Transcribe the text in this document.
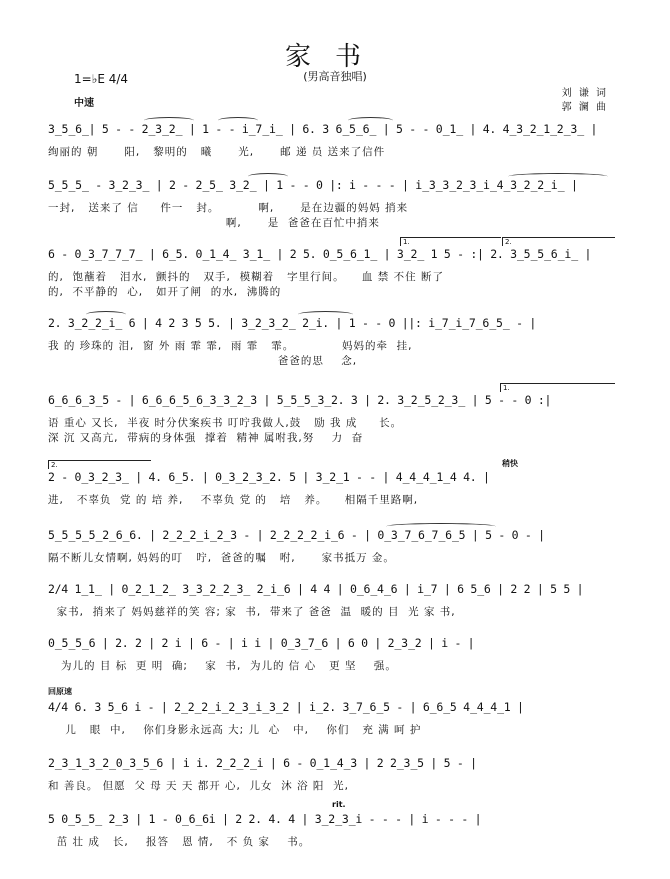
家书
(男高音独唱)
1=♭E 4/4
中速
刘 谦 词
郭 澜 曲
3̲5̲6̲| 5 - - 2̲3̲2̲ | 1 - - i̲7̲i̲ | 6. 3 6̲5̲6̲ | 5 - - 0̲1̲ | 4. 4̲3̲2̲1̲2̲3̲ |
绚丽的 朝      阳,   黎明的   曦      光,      邮 递 员 送来了信件
5̲5̲5̲ - 3̲2̲3̲ | 2 - 2̲5̲ 3̲2̲ | 1 - - 0 |: i - - - | i̲3̲3̲2̲3̲i̲4̲3̲2̲2̲i̲ |
一封,   送来了 信     件一   封。         啊,      是在边疆的妈妈 捎来
啊,      是  爸爸在百忙中捎来
6 - 0̲3̲7̲7̲7̲ | 6̲5. 0̲1̲4̲ 3̲1̲ | 2 5. 0̲5̲6̲1̲ | 3̲2̲ 1 5 - :| 2. 3̲5̲5̲6̲i̲ |
的,  饱蘸着   泪水,  颤抖的   双手,  模糊着   字里行间。    血 禁 不住 断了
的,  不平静的  心,   如开了闸  的水,  沸腾的
1.	2.
2. 3̲2̲2̲i̲ 6 | 4 2 3 5 5. | 3̲2̲3̲2̲ 2̲i. | 1 - - 0 ||: i̲7̲i̲7̲6̲5̲ - |
我 的 珍珠的 泪,  窗 外 雨 霏 霏,  雨 霏   霏。           妈妈的牵  挂,
爸爸的思    念,
6̲6̲6̲3̲5 - | 6̲6̲6̲5̲6̲3̲3̲2̲3 | 5̲5̲5̲3̲2. 3 | 2. 3̲2̲5̲2̲3̲ | 5 - - 0 :|
语 重心 又长,  半夜 时分伏案疾书 叮咛我做人,鼓   励 我 成     长。
深 沉 又高亢,  带病的身体强  撑着  精神 属咐我,努    力  奋
1.
2 - 0̲3̲2̲3̲ | 4. 6̲5. | 0̲3̲2̲3̲2. 5 | 3̲2̲1 - - | 4̲4̲4̲1̲4 4. |
进,   不辜负  党 的 培 养,    不辜负 党 的   培   养。    相隔千里路啊,
2.	稍快
5̲5̲5̲5̲2̲6̲6. | 2̲2̲2̲i̲2̲3 - | 2̲2̲2̲2̲i̲6 - | 0̲3̲7̲6̲7̲6̲5 | 5 - 0 - |
隔不断儿女情啊, 妈妈的叮   咛,  爸爸的嘱   咐,      家书抵万 金。
2/4 1̲1̲ | 0̲2̲1̲2̲ 3̲3̲2̲2̲3̲ 2̲i̲6 | 4 4 | 0̲6̲4̲6 | i̲7 | 6 5̲6 | 2 2 | 5 5 |
家书,  捎来了 妈妈慈祥的笑 容; 家  书,  带来了 爸爸  温  暖的 目  光 家 书,
0̲5̲5̲6 | 2. 2 | 2 i | 6 - | i i | 0̲3̲7̲6 | 6 0 | 2̲3̲2 | i - |
为儿的 目 标  更 明  确;    家  书,  为儿的 信 心   更 坚    强。
回原速
4/4 6. 3 5̲6 i - | 2̲2̲2̲i̲2̲3̲i̲3̲2 | i̲2. 3̲7̲6̲5 - | 6̲6̲5 4̲4̲4̲1 |
儿   眼  中,    你们身影永远高 大; 儿  心   中,    你们   充 满 呵 护
2̲3̲1̲3̲2̲0̲3̲5̲6 | i i. 2̲2̲2̲i | 6 - 0̲1̲4̲3 | 2 2̲3̲5 | 5 - |
和 善良。 但愿  父 母 天 天 都开 心,  儿女  沐 浴 阳  光,
rit.
5 0̲5̲5̲ 2̲3 | 1 - 0̲6̲6i | 2 2. 4. 4 | 3̲2̲3̲i - - - | i - - - |
茁 壮 成   长,    报答   恩 情,   不 负 家    书。
